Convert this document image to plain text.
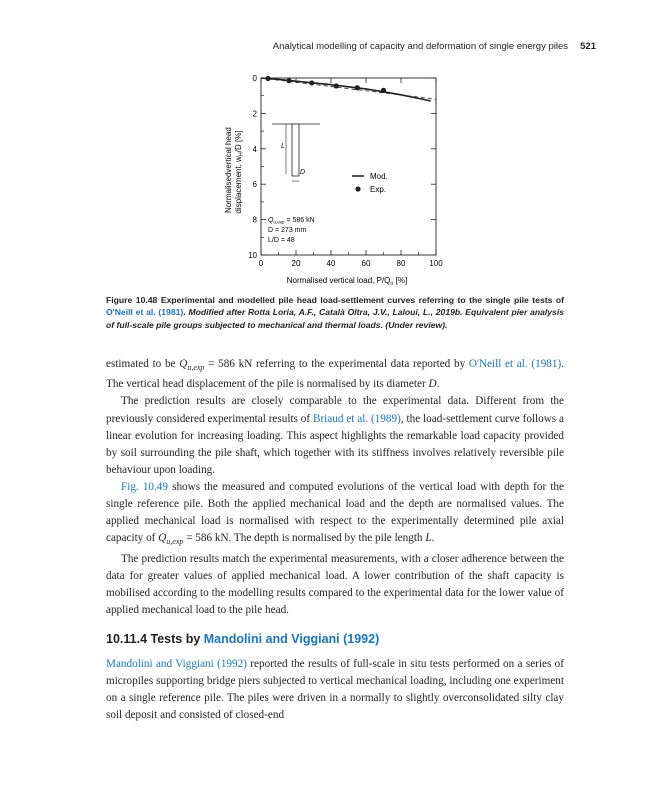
Analytical modelling of capacity and deformation of single energy piles 521
0	20	40	60	80	100
0
2
4
6
8
10
L
D
$Q_{u,exp} = 586$ kN
D = 273 mm
L/D = 48
Mod.
Exp.
Normalised vertical load, P/Qu [%]
Normalisedvertical head displacement, wH/D [%]
Figure 10.48 Experimental and modelled pile head load-settlement curves referring to the single pile tests of O'Neill et al. (1981). Modified after Rotta Loria, A.F., Català Oltra, J.V., Laloui, L., 2019b. Equivalent pier analysis of full-scale pile groups subjected to mechanical and thermal loads. (Under review).

estimated to be $Q_{u,exp} = 586$ kN referring to the experimental data reported by O'Neill et al. (1981). The vertical head displacement of the pile is normalised by its diameter D.

The prediction results are closely comparable to the experimental data. Different from the previously considered experimental results of Briaud et al. (1989), the load-settlement curve follows a linear evolution for increasing loading. This aspect highlights the remarkable load capacity provided by soil surrounding the pile shaft, which together with its stiffness involves relatively reversible pile behaviour upon loading.

Fig. 10.49 shows the measured and computed evolutions of the vertical load with depth for the single reference pile. Both the applied mechanical load and the depth are normalised values. The applied mechanical load is normalised with respect to the experimentally determined pile axial capacity of $Q_{u,exp} = 586$ kN. The depth is normalised by the pile length L.

The prediction results match the experimental measurements, with a closer adherence between the data for greater values of applied mechanical load. A lower contribution of the shaft capacity is mobilised according to the modelling results compared to the experimental data for the lower value of applied mechanical load to the pile head.

10.11.4 Tests by Mandolini and Viggiani (1992)

Mandolini and Viggiani (1992) reported the results of full-scale in situ tests performed on a series of micropiles supporting bridge piers subjected to vertical mechanical loading, including one experiment on a single reference pile. The piles were driven in a normally to slightly overconsolidated silty clay soil deposit and consisted of closed-end
